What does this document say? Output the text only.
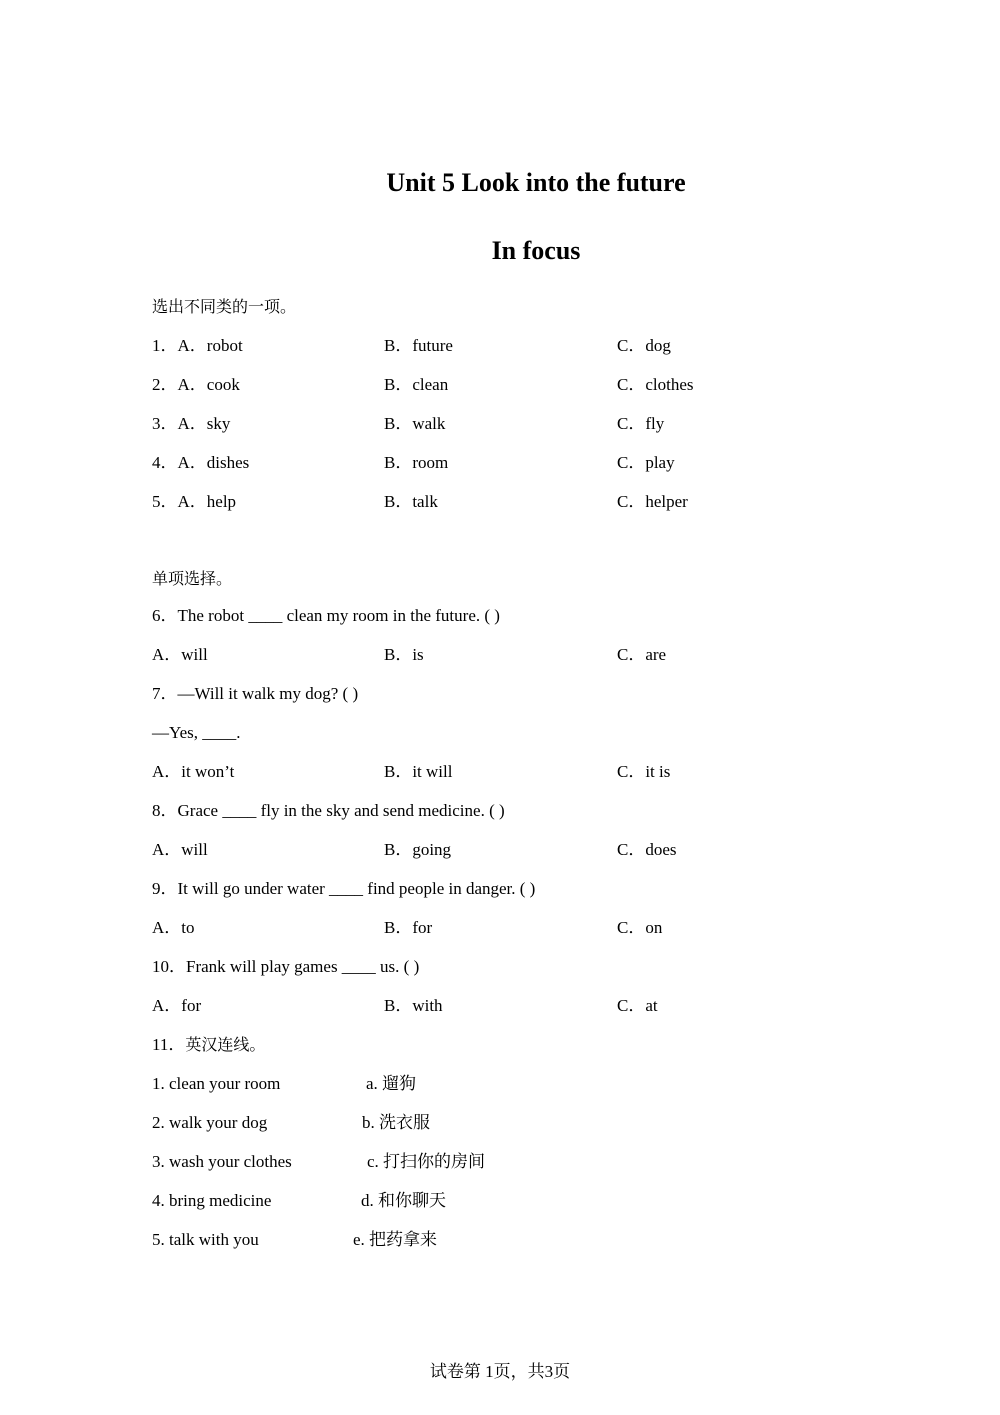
Unit 5 Look into the future
In focus
选出不同类的一项。
1．A．robot	B．future	C．dog
2．A．cook	B．clean	C．clothes
3．A．sky	B．walk	C．fly
4．A．dishes	B．room	C．play
5．A．help	B．talk	C．helper
单项选择。
6．The robot ____ clean my room in the future. ( )
A．will	B．is	C．are
7．—Will it walk my dog? ( )
—Yes, ____.
A．it won’t	B．it will	C．it is
8．Grace ____ fly in the sky and send medicine. ( )
A．will	B．going	C．does
9．It will go under water ____ find people in danger. ( )
A．to	B．for	C．on
10．Frank will play games ____ us. ( )
A．for	B．with	C．at
11．英汉连线。
1. clean your room	a. 遛狗
2. walk your dog	b. 洗衣服
3. wash your clothes	c. 打扫你的房间
4. bring medicine	d. 和你聊天
5. talk with you	e. 把药拿来
试卷第 1页，共3页
